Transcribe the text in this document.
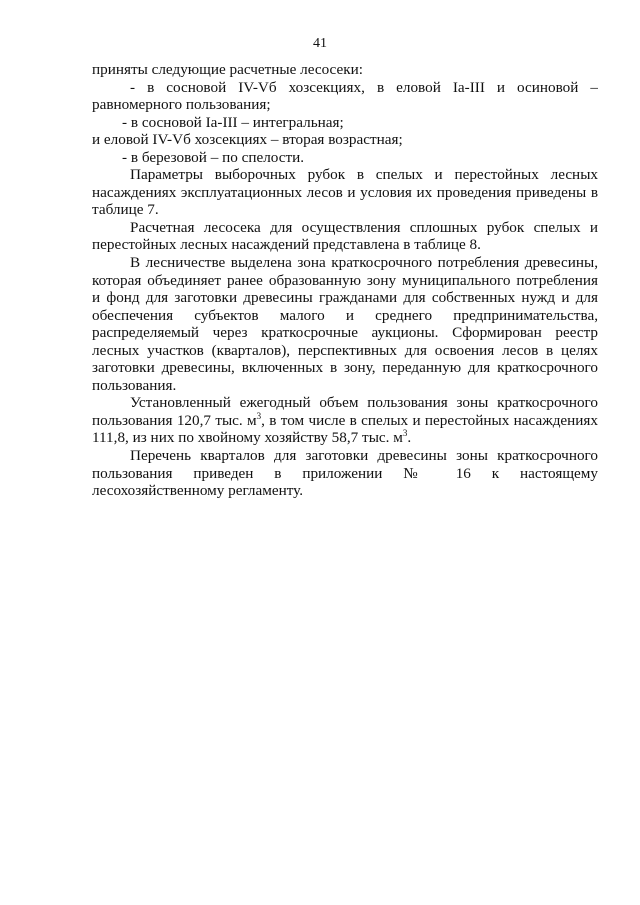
41
приняты следующие расчетные лесосеки:
- в сосновой IV-Vб хозсекциях, в еловой Ia-III и осиновой –
равномерного пользования;
- в сосновой Ia-III – интегральная;
и еловой IV-Vб хозсекциях – вторая возрастная;
- в березовой – по спелости.
Параметры выборочных рубок в спелых и перестойных лесных
насаждениях эксплуатационных лесов и условия их проведения приведены в
таблице 7.
Расчетная лесосека для осуществления сплошных рубок спелых и
перестойных лесных насаждений представлена в таблице 8.
В лесничестве выделена зона краткосрочного потребления древесины,
которая объединяет ранее образованную зону муниципального потребления
и фонд для заготовки древесины гражданами для собственных нужд и для
обеспечения субъектов малого и среднего предпринимательства,
распределяемый через краткосрочные аукционы. Сформирован реестр
лесных участков (кварталов), перспективных для освоения лесов в целях
заготовки древесины, включенных в зону, переданную для краткосрочного
пользования.
Установленный ежегодный объем пользования зоны краткосрочного
пользования 120,7 тыс. $м^3$, в том числе в спелых и перестойных насаждениях
111,8, из них по хвойному хозяйству 58,7 тыс. $м^3$.
Перечень кварталов для заготовки древесины зоны краткосрочного
пользования приведен в приложении № 16 к настоящему
лесохозяйственному регламенту.
